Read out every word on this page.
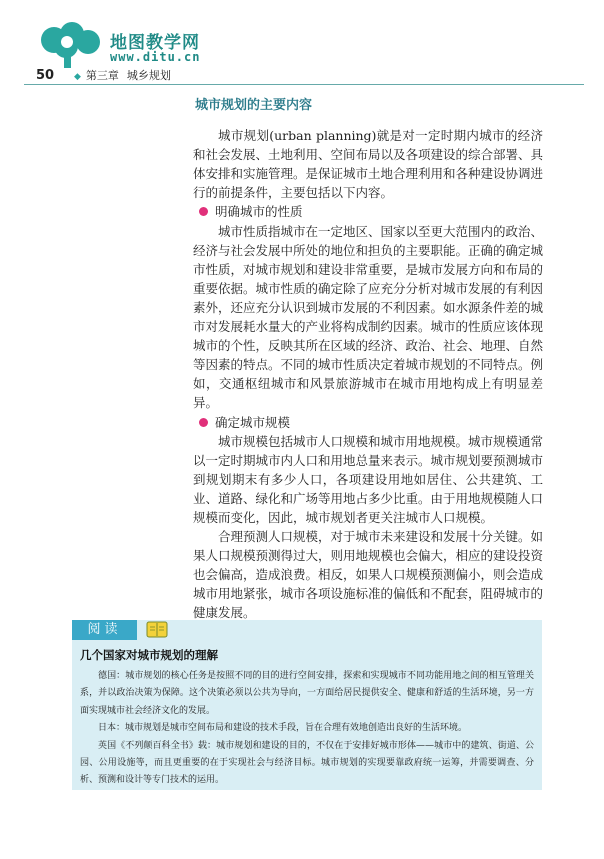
地图教学网
www.ditu.cn
50 ◆ 第三章 城乡规划
城市规划的主要内容

城市规划(urban planning)就是对一定时期内城市的经济和社会发展、土地利用、空间布局以及各项建设的综合部署、具体安排和实施管理。是保证城市土地合理利用和各种建设协调进行的前提条件，主要包括以下内容。

明确城市的性质

城市性质指城市在一定地区、国家以至更大范围内的政治、经济与社会发展中所处的地位和担负的主要职能。正确的确定城市性质，对城市规划和建设非常重要，是城市发展方向和布局的重要依据。城市性质的确定除了应充分分析对城市发展的有利因素外，还应充分认识到城市发展的不利因素。如水源条件差的城市对发展耗水量大的产业将构成制约因素。城市的性质应该体现城市的个性，反映其所在区域的经济、政治、社会、地理、自然等因素的特点。不同的城市性质决定着城市规划的不同特点。例如，交通枢纽城市和风景旅游城市在城市用地构成上有明显差异。

确定城市规模

城市规模包括城市人口规模和城市用地规模。城市规模通常以一定时期城市内人口和用地总量来表示。城市规划要预测城市到规划期末有多少人口，各项建设用地如居住、公共建筑、工业、道路、绿化和广场等用地占多少比重。由于用地规模随人口规模而变化，因此，城市规划者更关注城市人口规模。

合理预测人口规模，对于城市未来建设和发展十分关键。如果人口规模预测得过大，则用地规模也会偏大，相应的建设投资也会偏高，造成浪费。相反，如果人口规模预测偏小，则会造成城市用地紧张，城市各项设施标准的偏低和不配套，阻碍城市的健康发展。

阅读
几个国家对城市规划的理解

德国：城市规划的核心任务是按照不同的目的进行空间安排，探索和实现城市不同功能用地之间的相互管理关系，并以政治决策为保障。这个决策必须以公共为导向，一方面给居民提供安全、健康和舒适的生活环境，另一方面实现城市社会经济文化的发展。

日本：城市规划是城市空间布局和建设的技术手段，旨在合理有效地创造出良好的生活环境。

英国《不列颠百科全书》载：城市规划和建设的目的，不仅在于安排好城市形体——城市中的建筑、街道、公园、公用设施等，而且更重要的在于实现社会与经济目标。城市规划的实现要靠政府统一运筹，并需要调查、分析、预测和设计等专门技术的运用。
